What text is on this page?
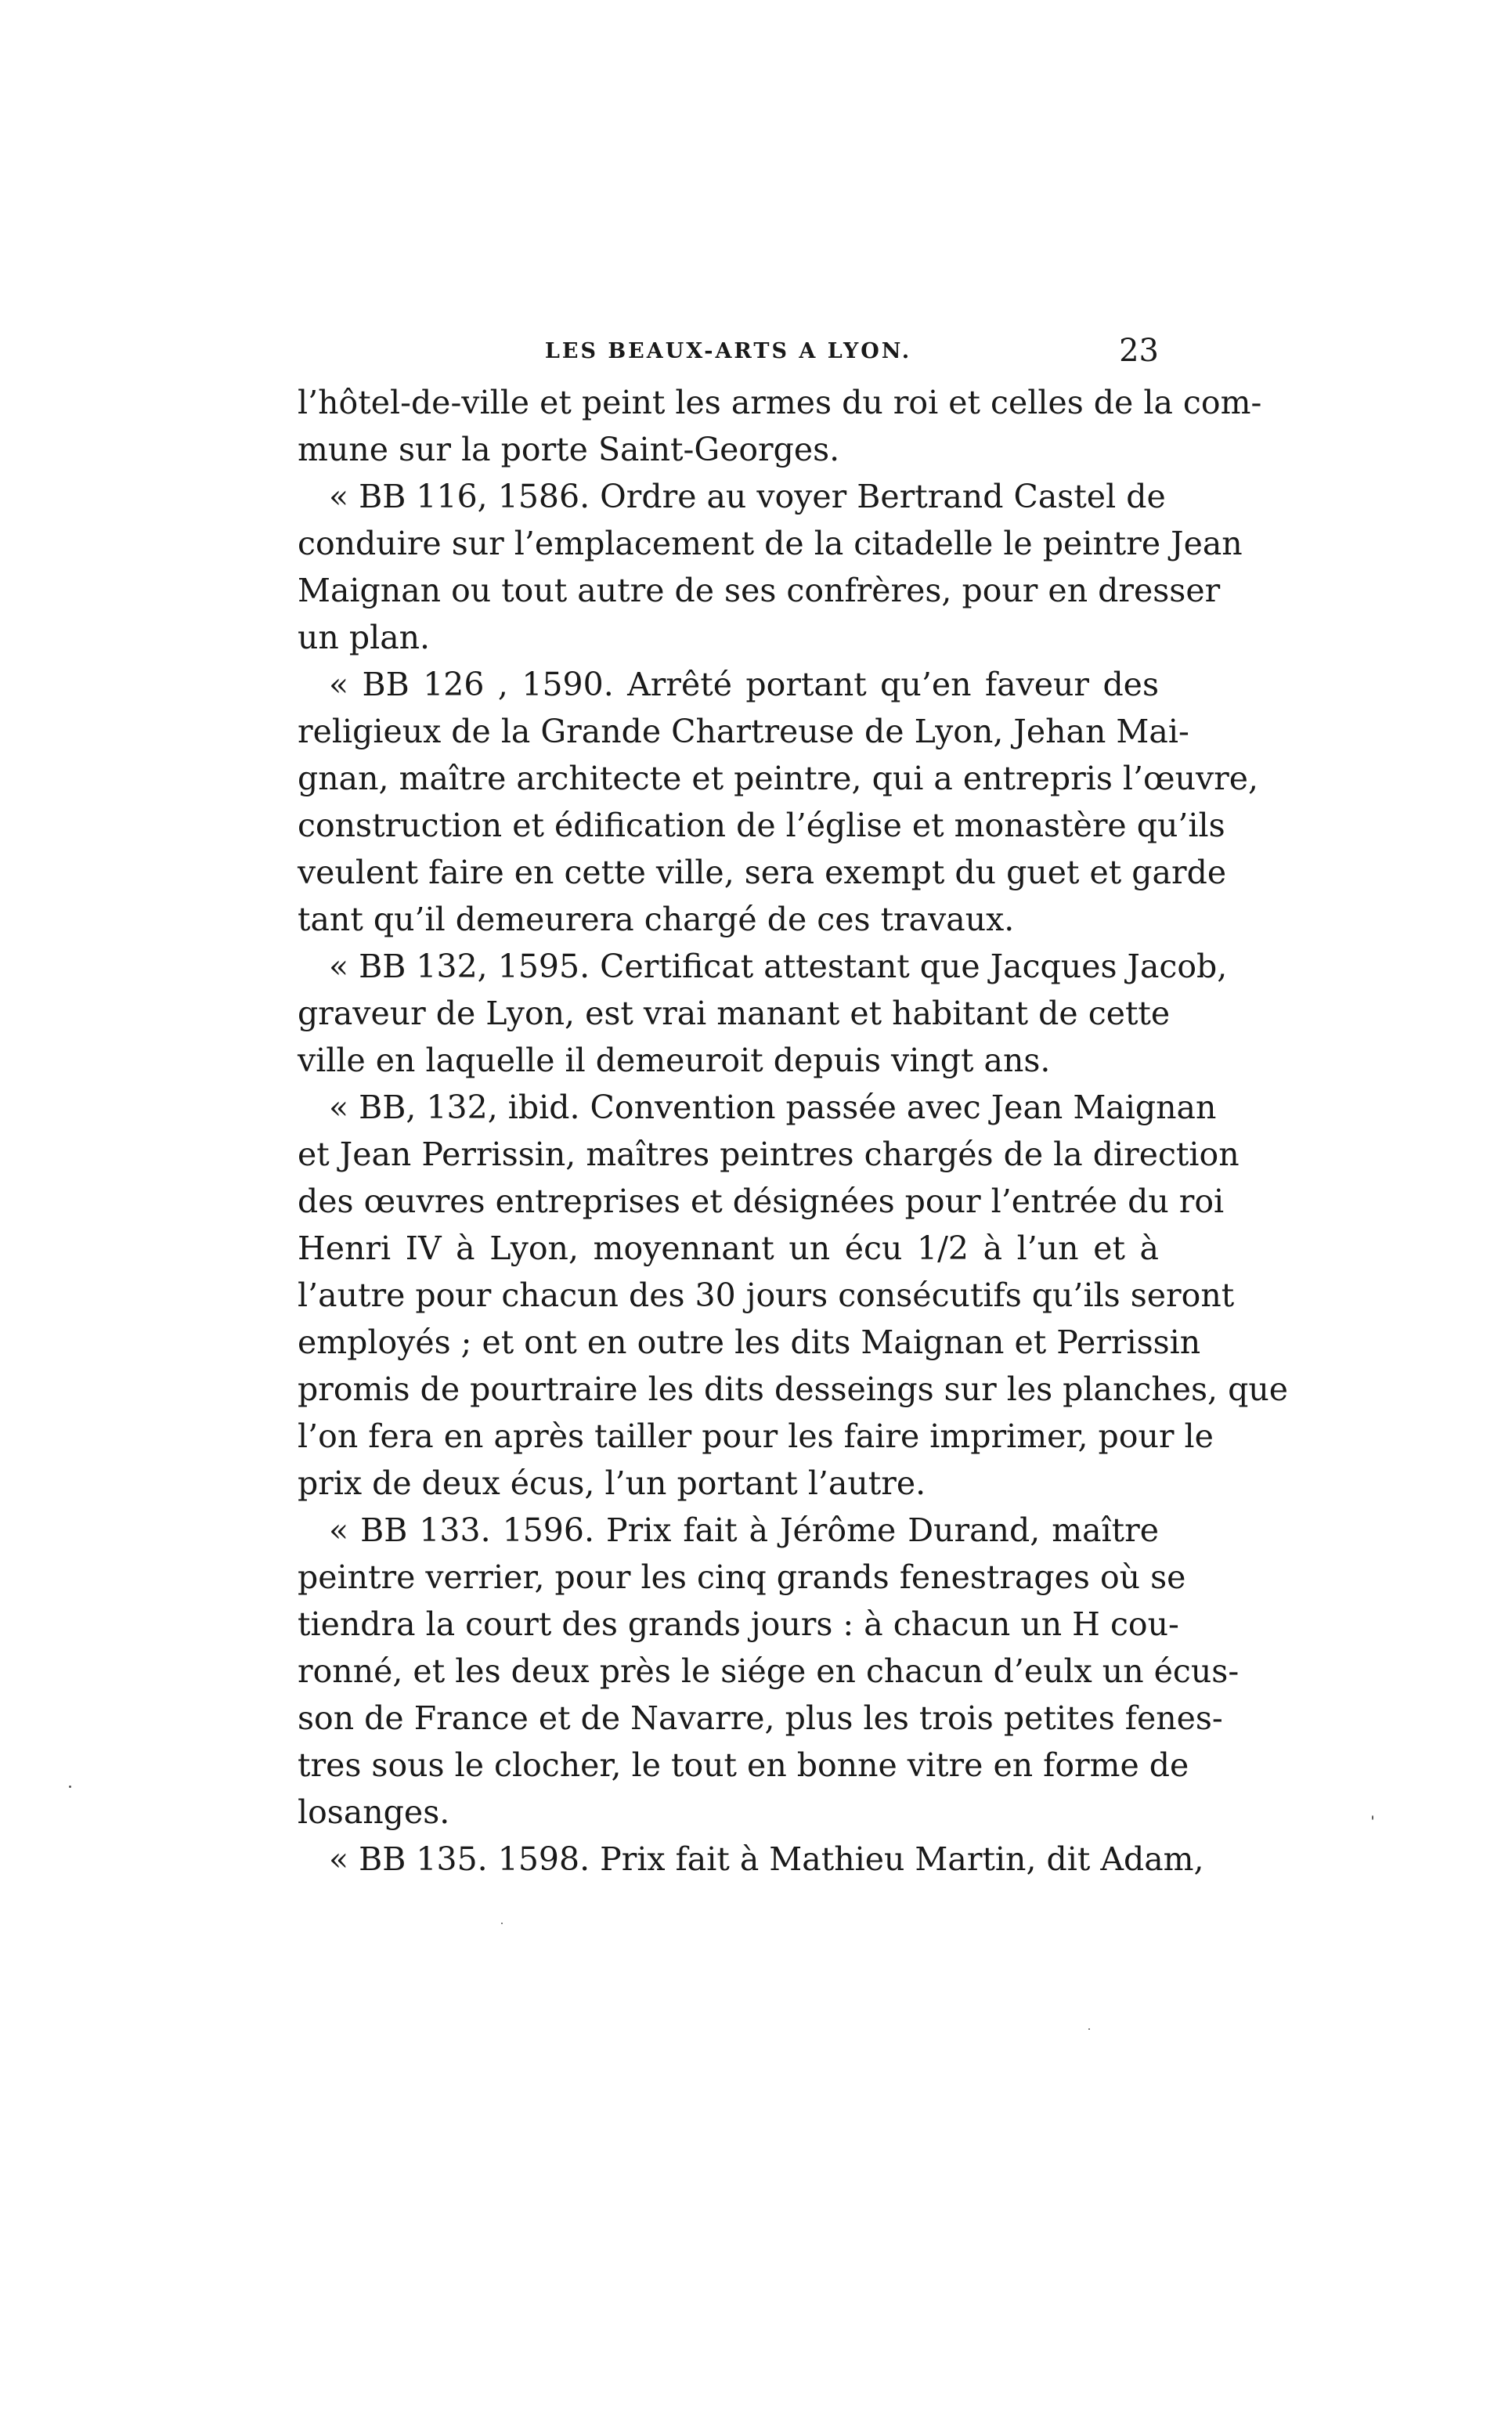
LES BEAUX-ARTS A LYON.	23
l’hôtel-de-ville et peint les armes du roi et celles de la com-
mune sur la porte Saint-Georges.
« BB 116, 1586. Ordre au voyer Bertrand Castel de
conduire sur l’emplacement de la citadelle le peintre Jean
Maignan ou tout autre de ses confrères, pour en dresser
un plan.
« BB 126 , 1590. Arrêté portant qu’en faveur des
religieux de la Grande Chartreuse de Lyon, Jehan Mai-
gnan, maître architecte et peintre, qui a entrepris l’œuvre,
construction et édification de l’église et monastère qu’ils
veulent faire en cette ville, sera exempt du guet et garde
tant qu’il demeurera chargé de ces travaux.
« BB 132, 1595. Certificat attestant que Jacques Jacob,
graveur de Lyon, est vrai manant et habitant de cette
ville en laquelle il demeuroit depuis vingt ans.
« BB, 132, ibid. Convention passée avec Jean Maignan
et Jean Perrissin, maîtres peintres chargés de la direction
des œuvres entreprises et désignées pour l’entrée du roi
Henri IV à Lyon, moyennant un écu 1/2 à l’un et à
l’autre pour chacun des 30 jours consécutifs qu’ils seront
employés ; et ont en outre les dits Maignan et Perrissin
promis de pourtraire les dits desseings sur les planches, que
l’on fera en après tailler pour les faire imprimer, pour le
prix de deux écus, l’un portant l’autre.
« BB 133. 1596. Prix fait à Jérôme Durand, maître
peintre verrier, pour les cinq grands fenestrages où se
tiendra la court des grands jours : à chacun un H cou-
ronné, et les deux près le siége en chacun d’eulx un écus-
son de France et de Navarre, plus les trois petites fenes-
tres sous le clocher, le tout en bonne vitre en forme de
losanges.
« BB 135. 1598. Prix fait à Mathieu Martin, dit Adam,
